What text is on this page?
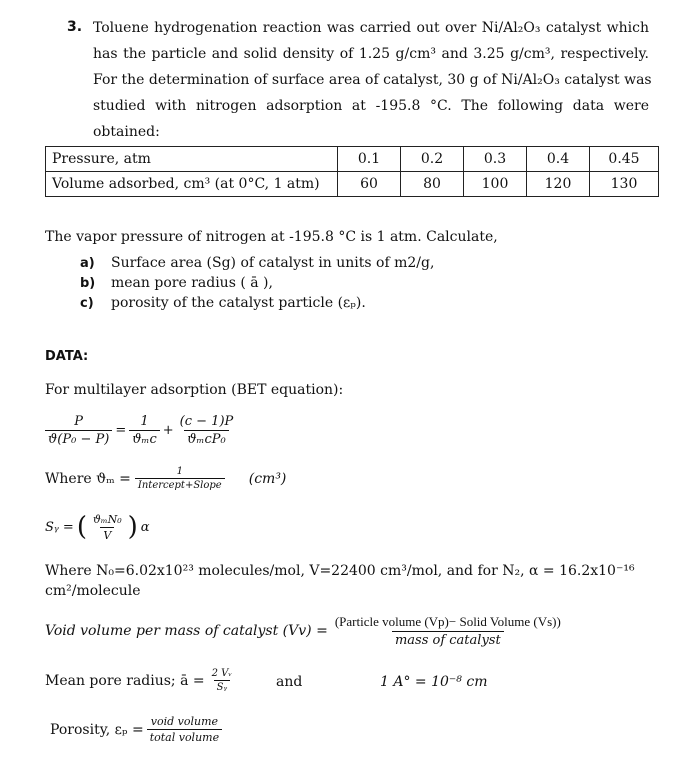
3. Toluene hydrogenation reaction was carried out over Ni/Al₂O₃ catalyst which
has the particle and solid density of 1.25 g/cm³ and 3.25 g/cm³, respectively.
For the determination of surface area of catalyst, 30 g of Ni/Al₂O₃ catalyst was
studied with nitrogen adsorption at -195.8 °C. The following data were
obtained:
Pressure, atm	0.1	0.2	0.3	0.4	0.45
Volume adsorbed, cm³ (at 0°C, 1 atm)	60	80	100	120	130
The vapor pressure of nitrogen at -195.8 °C is 1 atm. Calculate,
a) Surface area (Sg) of catalyst in units of m2/g,
b) mean pore radius ( ā ),
c) porosity of the catalyst particle (εₚ).
DATA:
For multilayer adsorption (BET equation):
$\frac{P}{\text{ϑ(P₀ − P)}} = \frac{1}{\text{ϑₘc}} + \frac{(c - 1)P}{\text{ϑₘcP₀}}$
Where $ϑ_m = \frac{1}{\text{Intercept+Slope}} (cm^3)$
Sᵧ = ( $\frac{\text{ϑₘN₀}}{V}$ ) α
Where N₀=6.02x10²³ molecules/mol, V=22400 cm³/mol, and for N₂, α = 16.2x10⁻¹⁶
cm²/molecule
Void volume per mass of catalyst $(Vv) = \frac{\text{(Particle volume (Vp)− Solid Volume (Vs))}}{\text{mass of catalyst}}$
Mean pore radius; ā = $\frac{\text{2 Vᵥ}}{\text{Sᵧ}}$	and	1 A° = 10⁻⁸ cm
Porosity, $\varepsilon_p = \frac{\text{void volume}}{\text{total volume}}$
